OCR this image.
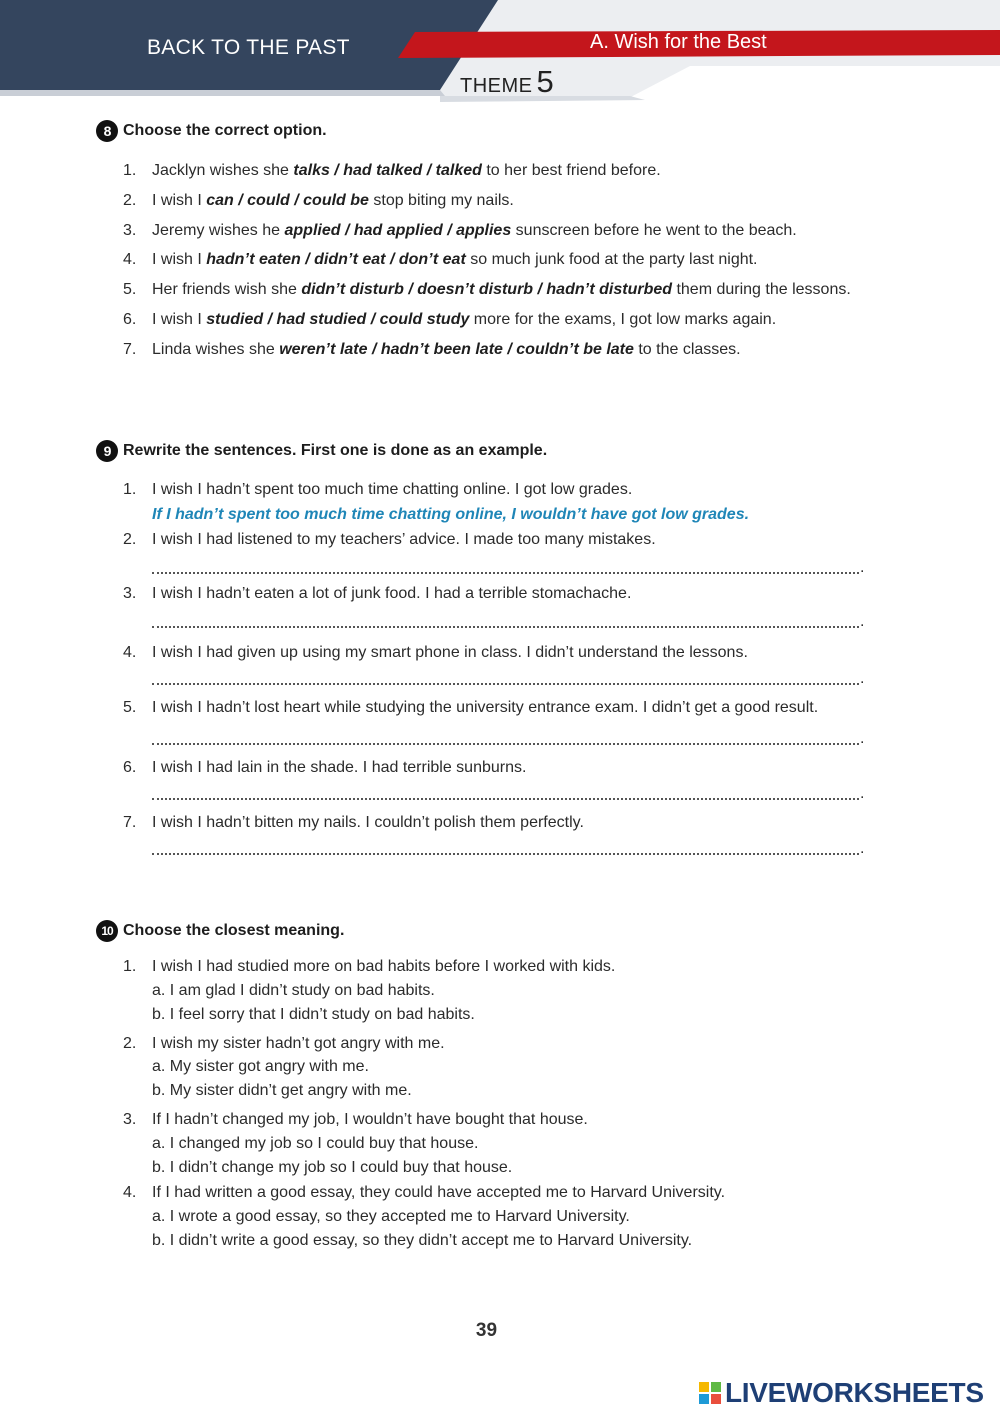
BACK TO THE PAST	A. Wish for the Best
THEME 5
8 Choose the correct option.
1. Jacklyn wishes she talks / had talked / talked to her best friend before.
2. I wish I can / could / could be stop biting my nails.
3. Jeremy wishes he applied / had applied / applies sunscreen before he went to the beach.
4. I wish I hadn’t eaten / didn’t eat / don’t eat so much junk food at the party last night.
5. Her friends wish she didn’t disturb / doesn’t disturb / hadn’t disturbed them during the lessons.
6. I wish I studied / had studied / could study more for the exams, I got low marks again.
7. Linda wishes she weren’t late / hadn’t been late / couldn’t be late to the classes.
9 Rewrite the sentences. First one is done as an example.
1. I wish I hadn’t spent too much time chatting online. I got low grades.
If I hadn’t spent too much time chatting online, I wouldn’t have got low grades.
2. I wish I had listened to my teachers’ advice. I made too many mistakes.
.
3. I wish I hadn’t eaten a lot of junk food. I had a terrible stomachache.
.
4. I wish I had given up using my smart phone in class. I didn’t understand the lessons.
.
5. I wish I hadn’t lost heart while studying the university entrance exam. I didn’t get a good result.
.
6. I wish I had lain in the shade. I had terrible sunburns.
.
7. I wish I hadn’t bitten my nails. I couldn’t polish them perfectly.
.
10 Choose the closest meaning.
1. I wish I had studied more on bad habits before I worked with kids.
a. I am glad I didn’t study on bad habits.
b. I feel sorry that I didn’t study on bad habits.
2. I wish my sister hadn’t got angry with me.
a. My sister got angry with me.
b. My sister didn’t get angry with me.
3. If I hadn’t changed my job, I wouldn’t have bought that house.
a. I changed my job so I could buy that house.
b. I didn’t change my job so I could buy that house.
4. If I had written a good essay, they could have accepted me to Harvard University.
a. I wrote a good essay, so they accepted me to Harvard University.
b. I didn’t write a good essay, so they didn’t accept me to Harvard University.
39
LIVEWORKSHEETS
